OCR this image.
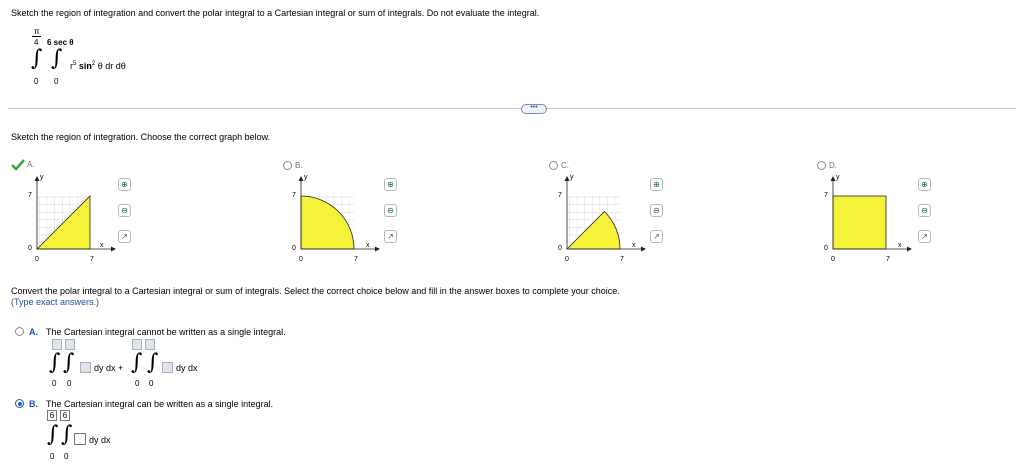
Sketch the region of integration and convert the polar integral to a Cartesian integral or sum of integrals. Do not evaluate the integral.
π
4 6 sec θ
∫ ∫
0 0
$r^5$ $\sin^2 \theta$ dr dθ
•••
Sketch the region of integration. Choose the correct graph below.
A.
y
7
0
0	7
x
⊕
⊖
↗
B.
y
7
0
0	7
x
⊕
⊖
↗
C.
y
7
0
0	7
x
⊕
⊖
↗
D.
y
7
0
0	7
x
⊕
⊖
↗
Convert the polar integral to a Cartesian integral or sum of integrals. Select the correct choice below and fill in the answer boxes to complete your choice.
(Type exact answers.)
A. The Cartesian integral cannot be written as a single integral.
∫ ∫ dy dx +
0 0
∫ ∫ dy dx
0 0
B. The Cartesian integral can be written as a single integral.
6	6
∫ ∫ dy dx
0 0
